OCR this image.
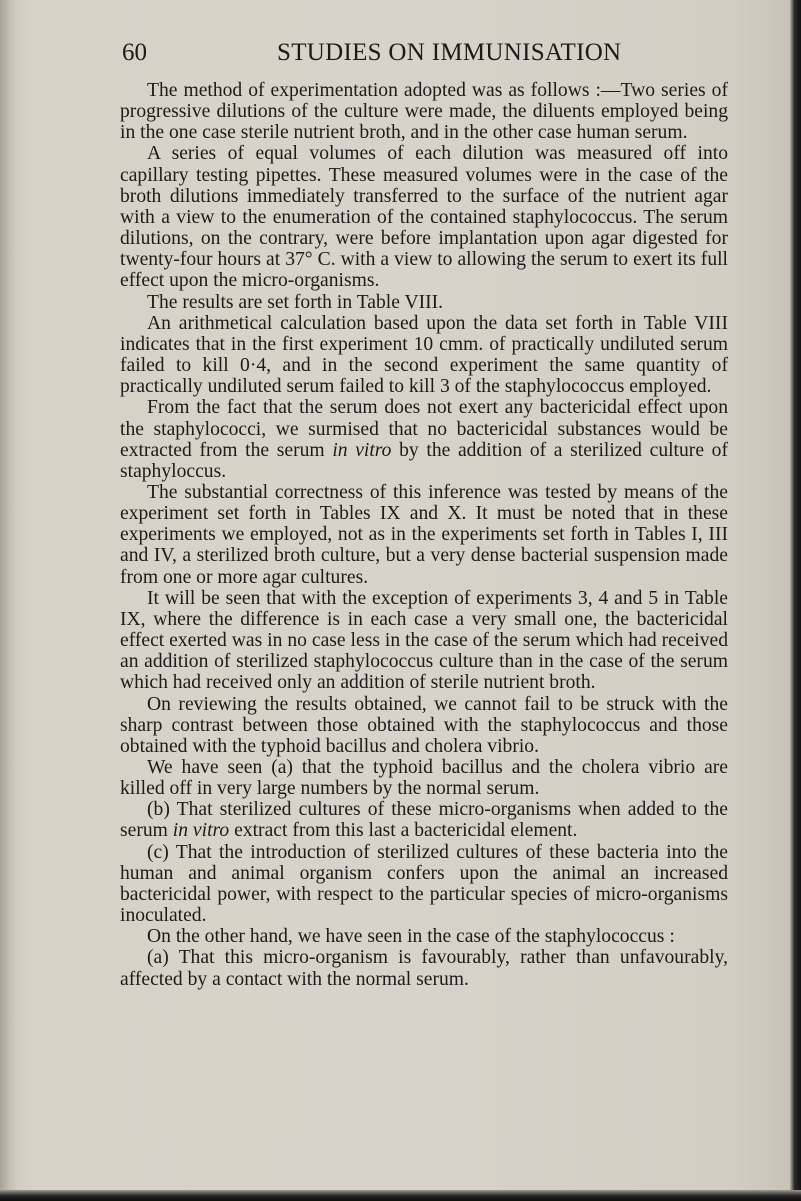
60	STUDIES ON IMMUNISATION

The method of experimentation adopted was as follows :—Two series of progressive dilutions of the culture were made, the diluents employed being in the one case sterile nutrient broth, and in the other case human serum.

A series of equal volumes of each dilution was measured off into capillary testing pipettes. These measured volumes were in the case of the broth dilutions immediately transferred to the surface of the nutrient agar with a view to the enumeration of the contained staphylococcus. The serum dilutions, on the contrary, were before implantation upon agar digested for twenty-four hours at 37° C. with a view to allowing the serum to exert its full effect upon the micro-organisms.

The results are set forth in Table VIII.

An arithmetical calculation based upon the data set forth in Table VIII indicates that in the first experiment 10 cmm. of practically undiluted serum failed to kill 0·4, and in the second experiment the same quantity of practically undiluted serum failed to kill 3 of the staphylococcus employed.

From the fact that the serum does not exert any bactericidal effect upon the staphylococci, we surmised that no bactericidal substances would be extracted from the serum in vitro by the addition of a sterilized culture of staphyloccus.

The substantial correctness of this inference was tested by means of the experiment set forth in Tables IX and X. It must be noted that in these experiments we employed, not as in the experiments set forth in Tables I, III and IV, a sterilized broth culture, but a very dense bacterial suspension made from one or more agar cultures.

It will be seen that with the exception of experiments 3, 4 and 5 in Table IX, where the difference is in each case a very small one, the bactericidal effect exerted was in no case less in the case of the serum which had received an addition of sterilized staphylococcus culture than in the case of the serum which had received only an addition of sterile nutrient broth.

On reviewing the results obtained, we cannot fail to be struck with the sharp contrast between those obtained with the staphylococcus and those obtained with the typhoid bacillus and cholera vibrio.

We have seen (a) that the typhoid bacillus and the cholera vibrio are killed off in very large numbers by the normal serum.

(b) That sterilized cultures of these micro-organisms when added to the serum in vitro extract from this last a bactericidal element.

(c) That the introduction of sterilized cultures of these bacteria into the human and animal organism confers upon the animal an increased bactericidal power, with respect to the particular species of micro-organisms inoculated.

On the other hand, we have seen in the case of the staphylococcus :

(a) That this micro-organism is favourably, rather than unfavourably, affected by a contact with the normal serum.
